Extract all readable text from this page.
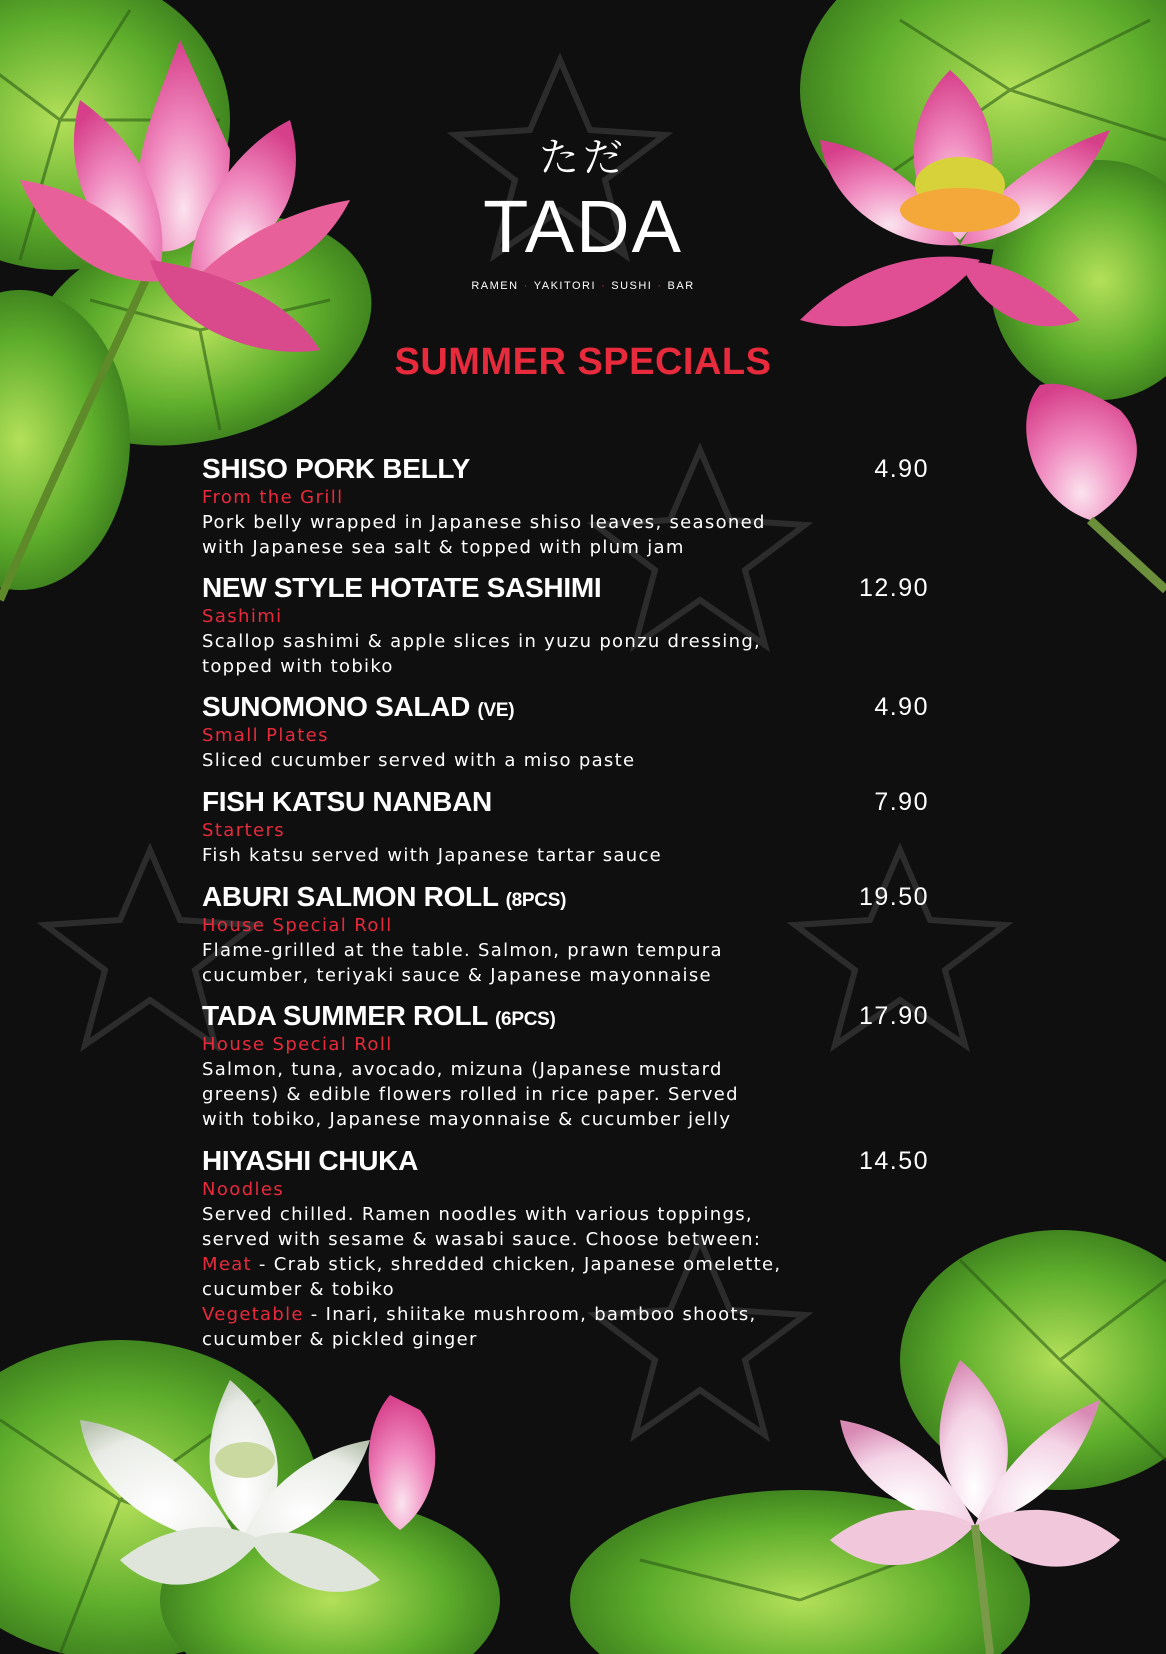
ただ
TADA
RAMEN · YAKITORI · SUSHI · BAR
SUMMER SPECIALS
SHISO PORK BELLY	4.90
From the Grill
Pork belly wrapped in Japanese shiso leaves, seasoned
with Japanese sea salt & topped with plum jam
NEW STYLE HOTATE SASHIMI	12.90
Sashimi
Scallop sashimi & apple slices in yuzu ponzu dressing,
topped with tobiko
SUNOMONO SALAD (VE)	4.90
Small Plates
Sliced cucumber served with a miso paste
FISH KATSU NANBAN	7.90
Starters
Fish katsu served with Japanese tartar sauce
ABURI SALMON ROLL (8PCS)	19.50
House Special Roll
Flame-grilled at the table. Salmon, prawn tempura
cucumber, teriyaki sauce & Japanese mayonnaise
TADA SUMMER ROLL (6PCS)	17.90
House Special Roll
Salmon, tuna, avocado, mizuna (Japanese mustard
greens) & edible flowers rolled in rice paper. Served
with tobiko, Japanese mayonnaise & cucumber jelly
HIYASHI CHUKA	14.50
Noodles
Served chilled. Ramen noodles with various toppings,
served with sesame & wasabi sauce. Choose between:
Meat - Crab stick, shredded chicken, Japanese omelette,
cucumber & tobiko
Vegetable - Inari, shiitake mushroom, bamboo shoots,
cucumber & pickled ginger
